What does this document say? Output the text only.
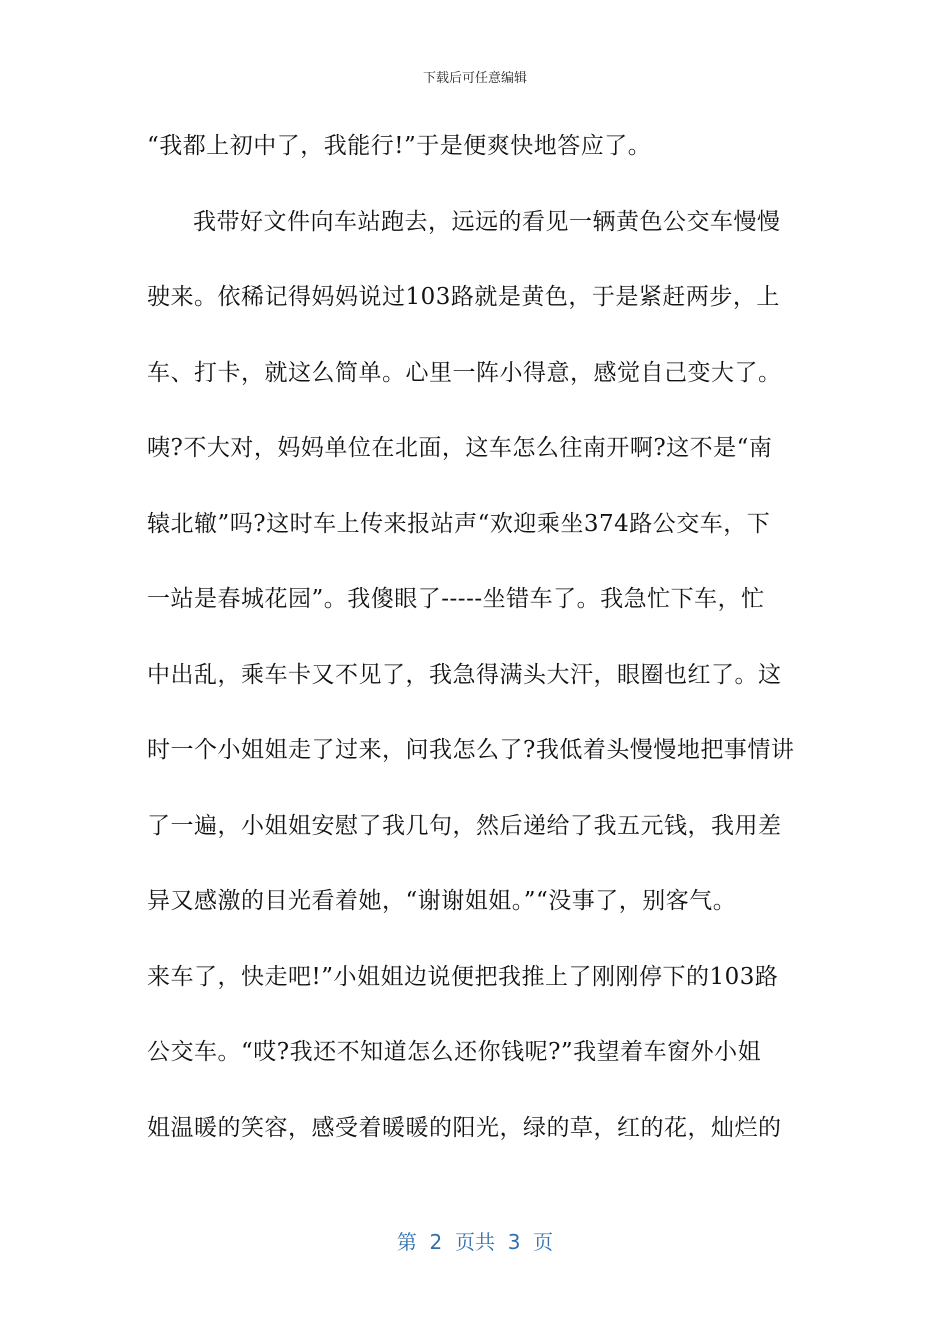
下载后可任意编辑
“我都上初中了，我能行!”于是便爽快地答应了。
我带好文件向车站跑去，远远的看见一辆黄色公交车慢慢
驶来。依稀记得妈妈说过103路就是黄色，于是紧赶两步，上
车、打卡，就这么简单。心里一阵小得意，感觉自己变大了。
咦?不大对，妈妈单位在北面，这车怎么往南开啊?这不是“南
辕北辙”吗?这时车上传来报站声“欢迎乘坐374路公交车，下
一站是春城花园”。我傻眼了-----坐错车了。我急忙下车，忙
中出乱，乘车卡又不见了，我急得满头大汗，眼圈也红了。这
时一个小姐姐走了过来，问我怎么了?我低着头慢慢地把事情讲
了一遍，小姐姐安慰了我几句，然后递给了我五元钱，我用差
异又感激的目光看着她，“谢谢姐姐。”“没事了，别客气。
来车了，快走吧!”小姐姐边说便把我推上了刚刚停下的103路
公交车。“哎?我还不知道怎么还你钱呢?”我望着车窗外小姐
姐温暖的笑容，感受着暖暖的阳光，绿的草，红的花，灿烂的
第  2  页共  3  页
